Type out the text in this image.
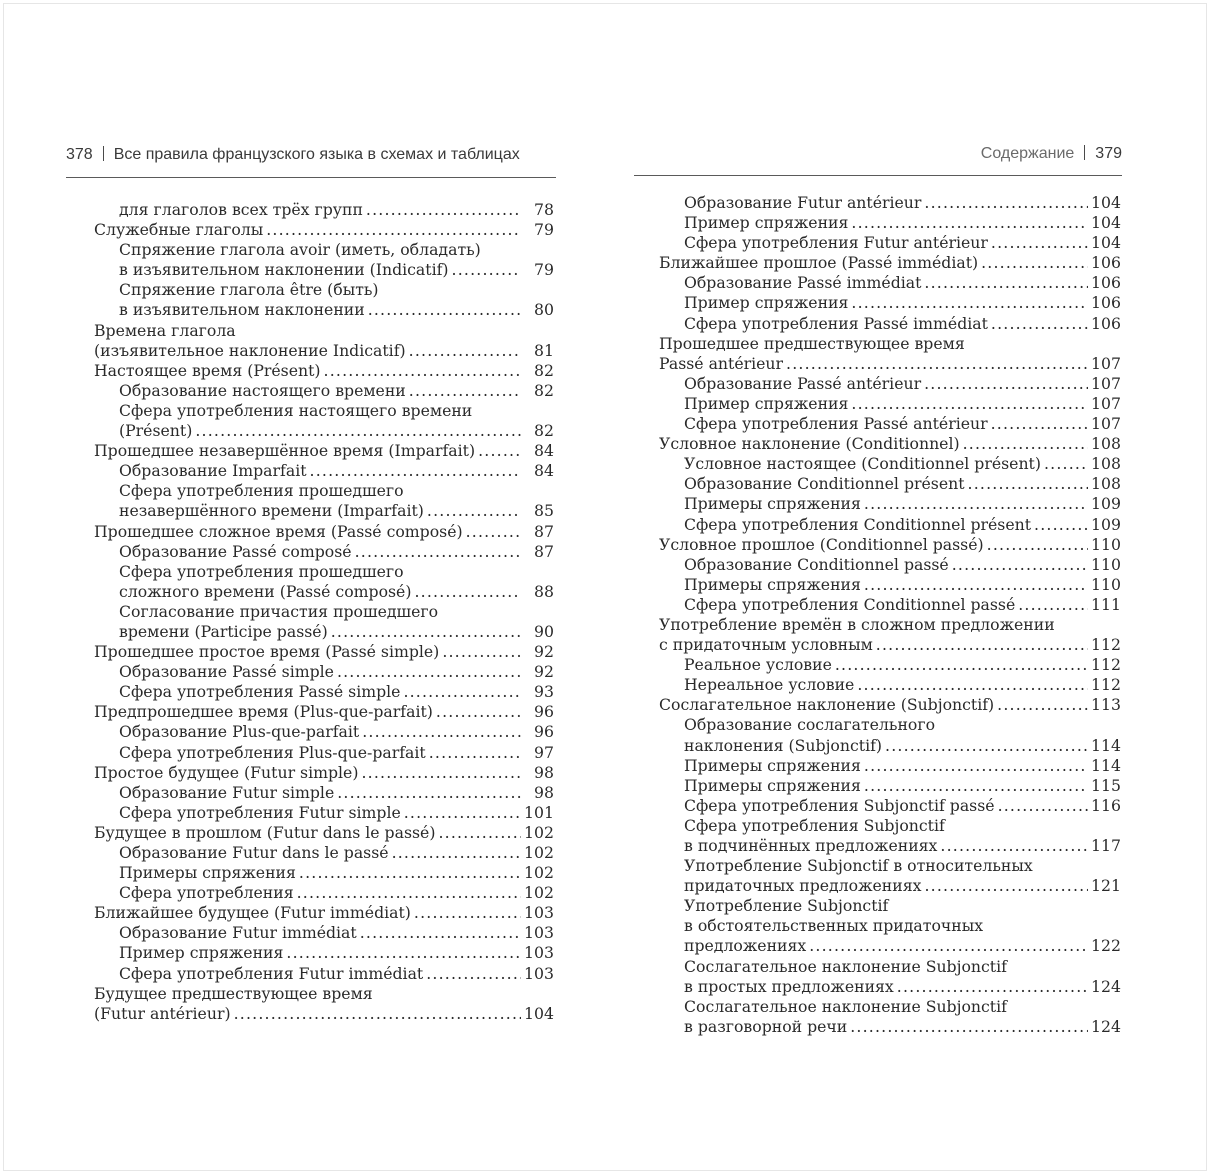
378 Все правила французского языка в схемах и таблицах	Содержание 379
для глаголов всех трёх групп .....	78
Служебные глаголы .....	79
Спряжение глагола avoir (иметь, обладать)
в изъявительном наклонении (Indicatif) .....	79
Спряжение глагола être (быть)
в изъявительном наклонении .....	80
Времена глагола
(изъявительное наклонение Indicatif) .....	81
Настоящее время (Présent) .....	82
Образование настоящего времени .....	82
Сфера употребления настоящего времени
(Présent) .....	82
Прошедшее незавершённое время (Imparfait) .....	84
Образование Imparfait .....	84
Сфера употребления прошедшего
незавершённого времени (Imparfait) .....	85
Прошедшее сложное время (Passé composé) .....	87
Образование Passé composé .....	87
Сфера употребления прошедшего
сложного времени (Passé composé) .....	88
Согласование причастия прошедшего
времени (Participe passé) .....	90
Прошедшее простое время (Passé simple) .....	92
Образование Passé simple .....	92
Сфера употребления Passé simple .....	93
Предпрошедшее время (Plus-que-parfait) .....	96
Образование Plus-que-parfait .....	96
Сфера употребления Plus-que-parfait .....	97
Простое будущее (Futur simple) .....	98
Образование Futur simple .....	98
Сфера употребления Futur simple .....	101
Будущее в прошлом (Futur dans le passé) .....	102
Образование Futur dans le passé .....	102
Примеры спряжения .....	102
Сфера употребления .....	102
Ближайшее будущее (Futur immédiat) .....	103
Образование Futur immédiat .....	103
Пример спряжения .....	103
Сфера употребления Futur immédiat .....	103
Будущее предшествующее время
(Futur antérieur) .....	104
Образование Futur antérieur .....	104
Пример спряжения .....	104
Сфера употребления Futur antérieur .....	104
Ближайшее прошлое (Passé immédiat) .....	106
Образование Passé immédiat .....	106
Пример спряжения .....	106
Сфера употребления Passé immédiat .....	106
Прошедшее предшествующее время
Passé antérieur .....	107
Образование Passé antérieur .....	107
Пример спряжения .....	107
Сфера употребления Passé antérieur .....	107
Условное наклонение (Conditionnel) .....	108
Условное настоящее (Conditionnel présent) .....	108
Образование Conditionnel présent .....	108
Примеры спряжения .....	109
Сфера употребления Conditionnel présent .....	109
Условное прошлое (Conditionnel passé) .....	110
Образование Conditionnel passé .....	110
Примеры спряжения .....	110
Сфера употребления Conditionnel passé .....	111
Употребление времён в сложном предложении
с придаточным условным .....	112
Реальное условие .....	112
Нереальное условие .....	112
Сослагательное наклонение (Subjonctif) .....	113
Образование сослагательного
наклонения (Subjonctif) .....	114
Примеры спряжения .....	114
Примеры спряжения .....	115
Сфера употребления Subjonctif passé .....	116
Сфера употребления Subjonctif
в подчинённых предложениях .....	117
Употребление Subjonctif в относительных
придаточных предложениях .....	121
Употребление Subjonctif
в обстоятельственных придаточных
предложениях .....	122
Сослагательное наклонение Subjonctif
в простых предложениях .....	124
Сослагательное наклонение Subjonctif
в разговорной речи .....	124
